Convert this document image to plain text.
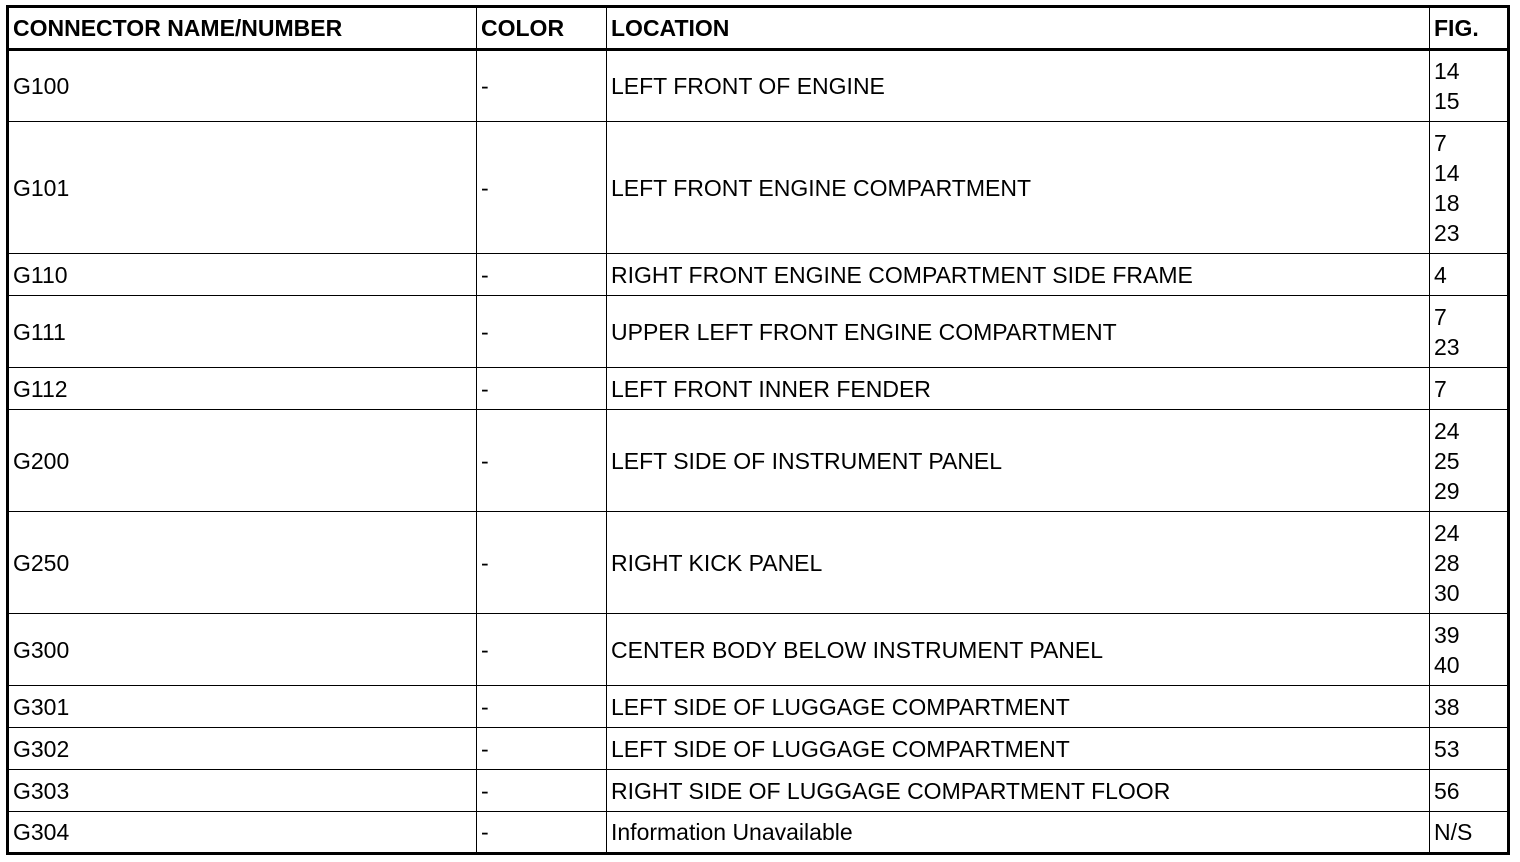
CONNECTOR NAME/NUMBER	COLOR	LOCATION	FIG.
G100	-	LEFT FRONT OF ENGINE	14
15

G101	-	LEFT FRONT ENGINE COMPARTMENT	7
14
18
23

G110	-	RIGHT FRONT ENGINE COMPARTMENT SIDE FRAME	4

G111	-	UPPER LEFT FRONT ENGINE COMPARTMENT	7
23

G112	-	LEFT FRONT INNER FENDER	7

G200	-	LEFT SIDE OF INSTRUMENT PANEL	24
25
29

G250	-	RIGHT KICK PANEL	24
28
30

G300	-	CENTER BODY BELOW INSTRUMENT PANEL	39
40

G301	-	LEFT SIDE OF LUGGAGE COMPARTMENT	38

G302	-	LEFT SIDE OF LUGGAGE COMPARTMENT	53

G303	-	RIGHT SIDE OF LUGGAGE COMPARTMENT FLOOR	56

G304	-	Information Unavailable	N/S
